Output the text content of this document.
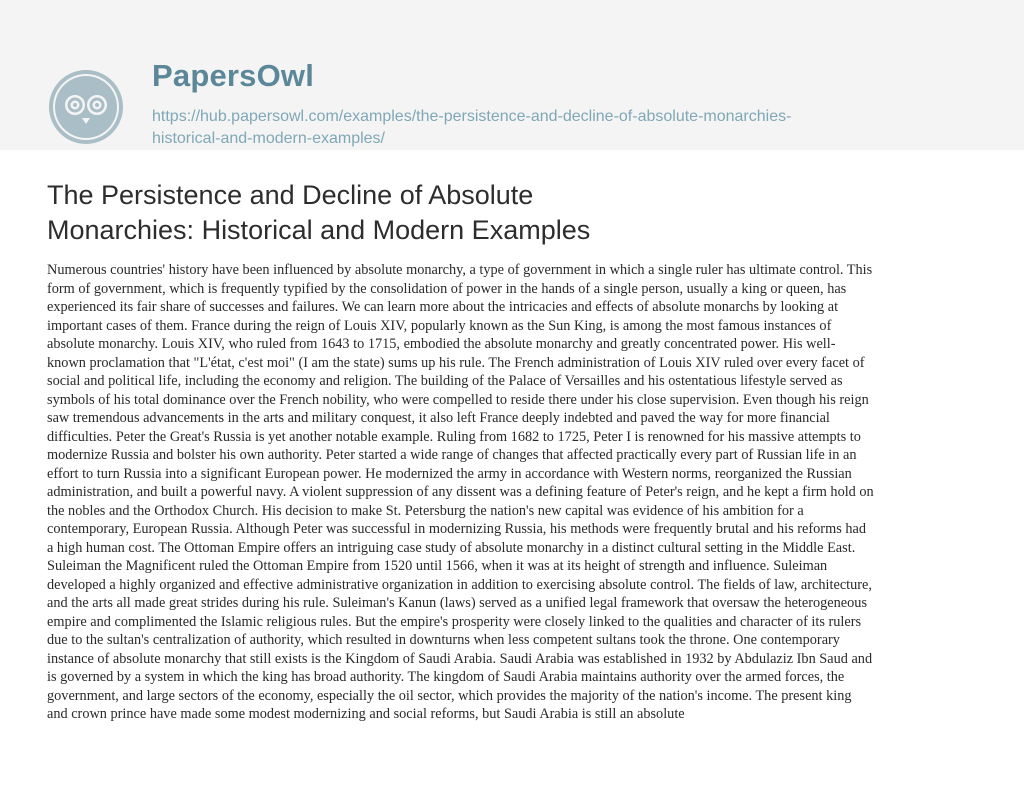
PapersOwl
https://hub.papersowl.com/examples/the-persistence-and-decline-of-absolute-monarchies-
historical-and-modern-examples/
The Persistence and Decline of Absolute
Monarchies: Historical and Modern Examples
Numerous countries' history have been influenced by absolute monarchy, a type of government in which a single ruler has ultimate control. This
form of government, which is frequently typified by the consolidation of power in the hands of a single person, usually a king or queen, has
experienced its fair share of successes and failures. We can learn more about the intricacies and effects of absolute monarchs by looking at
important cases of them. France during the reign of Louis XIV, popularly known as the Sun King, is among the most famous instances of
absolute monarchy. Louis XIV, who ruled from 1643 to 1715, embodied the absolute monarchy and greatly concentrated power. His well-
known proclamation that "L'état, c'est moi" (I am the state) sums up his rule. The French administration of Louis XIV ruled over every facet of
social and political life, including the economy and religion. The building of the Palace of Versailles and his ostentatious lifestyle served as
symbols of his total dominance over the French nobility, who were compelled to reside there under his close supervision. Even though his reign
saw tremendous advancements in the arts and military conquest, it also left France deeply indebted and paved the way for more financial
difficulties. Peter the Great's Russia is yet another notable example. Ruling from 1682 to 1725, Peter I is renowned for his massive attempts to
modernize Russia and bolster his own authority. Peter started a wide range of changes that affected practically every part of Russian life in an
effort to turn Russia into a significant European power. He modernized the army in accordance with Western norms, reorganized the Russian
administration, and built a powerful navy. A violent suppression of any dissent was a defining feature of Peter's reign, and he kept a firm hold on
the nobles and the Orthodox Church. His decision to make St. Petersburg the nation's new capital was evidence of his ambition for a
contemporary, European Russia. Although Peter was successful in modernizing Russia, his methods were frequently brutal and his reforms had
a high human cost. The Ottoman Empire offers an intriguing case study of absolute monarchy in a distinct cultural setting in the Middle East.
Suleiman the Magnificent ruled the Ottoman Empire from 1520 until 1566, when it was at its height of strength and influence. Suleiman
developed a highly organized and effective administrative organization in addition to exercising absolute control. The fields of law, architecture,
and the arts all made great strides during his rule. Suleiman's Kanun (laws) served as a unified legal framework that oversaw the heterogeneous
empire and complimented the Islamic religious rules. But the empire's prosperity were closely linked to the qualities and character of its rulers
due to the sultan's centralization of authority, which resulted in downturns when less competent sultans took the throne. One contemporary
instance of absolute monarchy that still exists is the Kingdom of Saudi Arabia. Saudi Arabia was established in 1932 by Abdulaziz Ibn Saud and
is governed by a system in which the king has broad authority. The kingdom of Saudi Arabia maintains authority over the armed forces, the
government, and large sectors of the economy, especially the oil sector, which provides the majority of the nation's income. The present king
and crown prince have made some modest modernizing and social reforms, but Saudi Arabia is still an absolute
